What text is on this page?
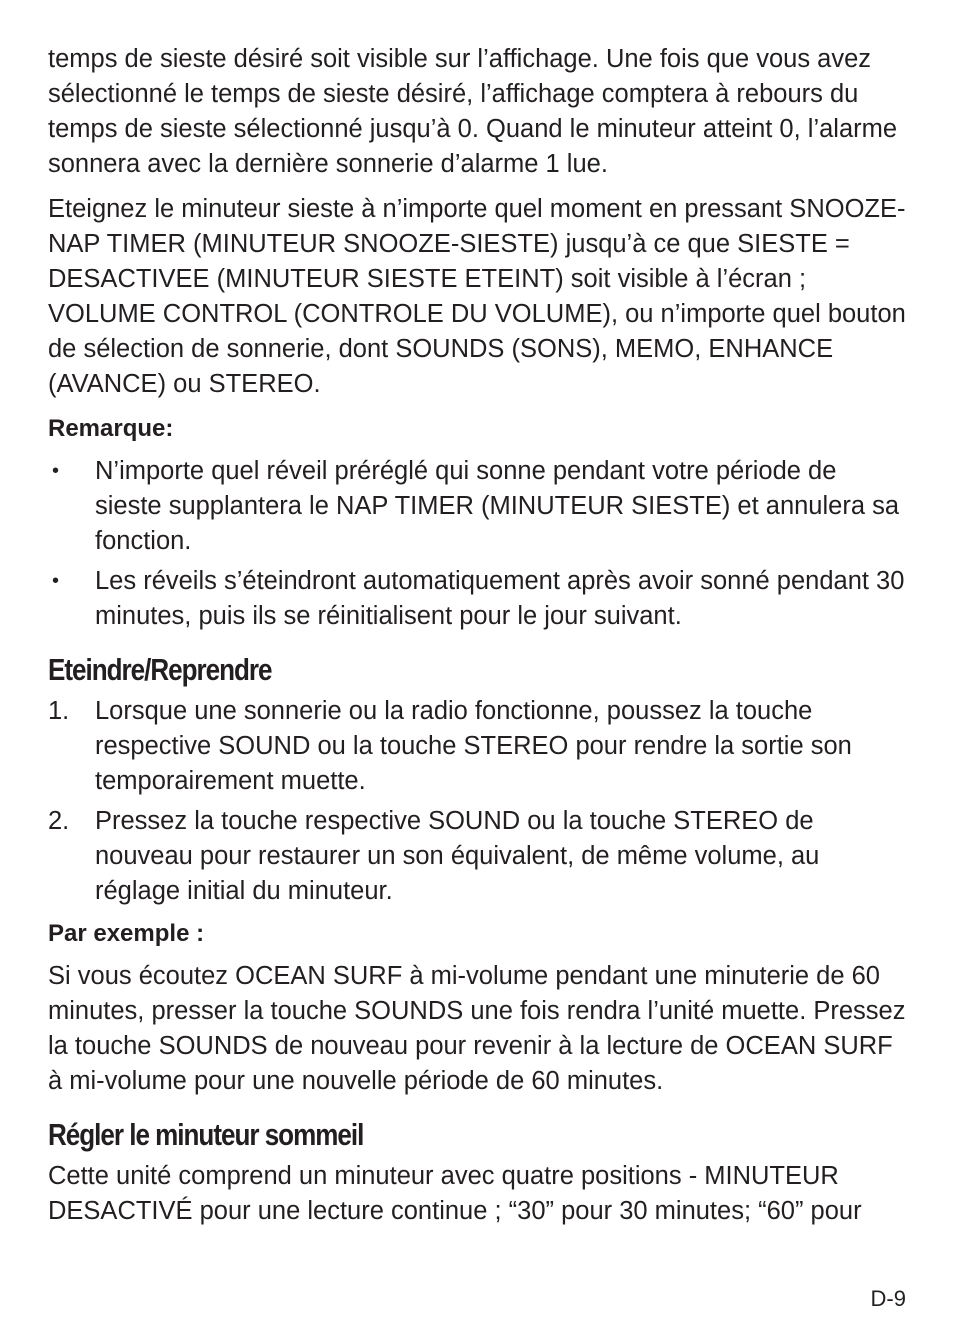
temps de sieste désiré soit visible sur l’affichage. Une fois que vous avez sélectionné le temps de sieste désiré, l’affichage comptera à rebours du temps de sieste sélectionné jusqu’à 0. Quand le minuteur atteint 0, l’alarme sonnera avec la dernière sonnerie d’alarme 1 lue.

Eteignez le minuteur sieste à n’importe quel moment en pressant SNOOZE-NAP TIMER (MINUTEUR SNOOZE-SIESTE) jusqu’à ce que SIESTE = DESACTIVEE (MINUTEUR SIESTE ETEINT) soit visible à l’écran ; VOLUME CONTROL (CONTROLE DU VOLUME), ou n’importe quel bouton de sélection de sonnerie, dont SOUNDS (SONS), MEMO, ENHANCE (AVANCE) ou STEREO.

Remarque:
• N’importe quel réveil préréglé qui sonne pendant votre période de sieste supplantera le NAP TIMER (MINUTEUR SIESTE) et annulera sa fonction.
• Les réveils s’éteindront automatiquement après avoir sonné pendant 30 minutes, puis ils se réinitialisent pour le jour suivant.
Eteindre/Reprendre
1. Lorsque une sonnerie ou la radio fonctionne, poussez la touche respective SOUND ou la touche STEREO pour rendre la sortie son temporairement muette.
2. Pressez la touche respective SOUND ou la touche STEREO de nouveau pour restaurer un son équivalent, de même volume, au réglage initial du minuteur.
Par exemple :

Si vous écoutez OCEAN SURF à mi-volume pendant une minuterie de 60 minutes, presser la touche SOUNDS une fois rendra l’unité muette. Pressez la touche SOUNDS de nouveau pour revenir à la lecture de OCEAN SURF à mi-volume pour une nouvelle période de 60 minutes.

Régler le minuteur sommeil

Cette unité comprend un minuteur avec quatre positions - MINUTEUR DESACTIVÉ pour une lecture continue ; “30” pour 30 minutes; “60” pour

D-9
